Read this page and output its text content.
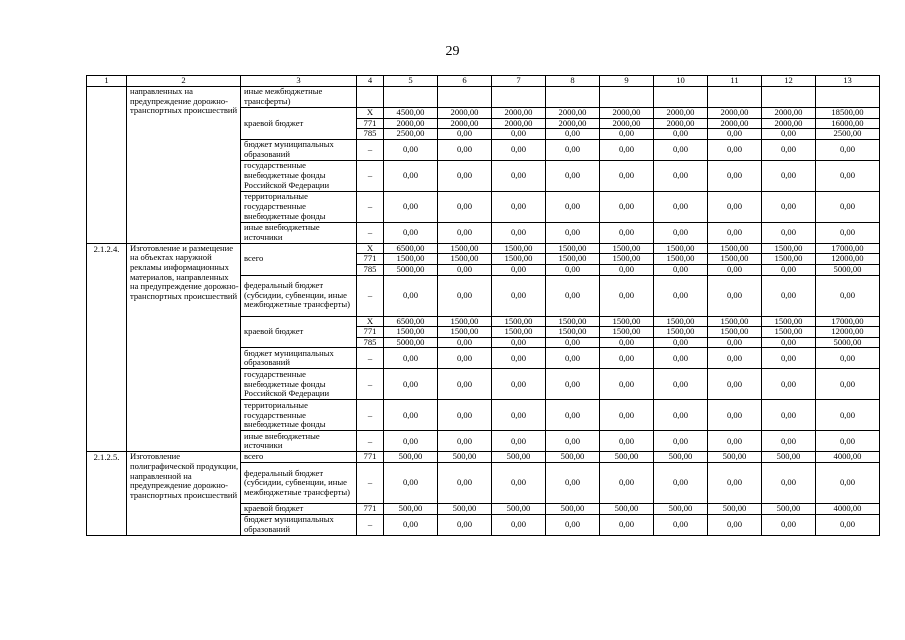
29
1	2	3	4	5	6	7	8	9	10	11	12	13
	направленных на предупреждение дорожно-транспортных происшествий	иные межбюджетные трансферты)										
		краевой бюджет	X	4500,00	2000,00	2000,00	2000,00	2000,00	2000,00	2000,00	2000,00	18500,00
			771	2000,00	2000,00	2000,00	2000,00	2000,00	2000,00	2000,00	2000,00	16000,00
			785	2500,00	0,00	0,00	0,00	0,00	0,00	0,00	0,00	2500,00
		бюджет муниципальных образований	–	0,00	0,00	0,00	0,00	0,00	0,00	0,00	0,00	0,00
		государственные внебюджетные фонды Российской Федерации	–	0,00	0,00	0,00	0,00	0,00	0,00	0,00	0,00	0,00
		территориальные государственные внебюджетные фонды	–	0,00	0,00	0,00	0,00	0,00	0,00	0,00	0,00	0,00
		иные внебюджетные источники	–	0,00	0,00	0,00	0,00	0,00	0,00	0,00	0,00	0,00
2.1.2.4.	Изготовление и размещение на объектах наружной рекламы информационных материалов, направленных на предупреждение дорожно-транспортных происшествий	всего	X	6500,00	1500,00	1500,00	1500,00	1500,00	1500,00	1500,00	1500,00	17000,00
			771	1500,00	1500,00	1500,00	1500,00	1500,00	1500,00	1500,00	1500,00	12000,00
			785	5000,00	0,00	0,00	0,00	0,00	0,00	0,00	0,00	5000,00
		федеральный бюджет (субсидии, субвенции, иные межбюджетные трансферты)	–	0,00	0,00	0,00	0,00	0,00	0,00	0,00	0,00	0,00
		краевой бюджет	X	6500,00	1500,00	1500,00	1500,00	1500,00	1500,00	1500,00	1500,00	17000,00
			771	1500,00	1500,00	1500,00	1500,00	1500,00	1500,00	1500,00	1500,00	12000,00
			785	5000,00	0,00	0,00	0,00	0,00	0,00	0,00	0,00	5000,00
		бюджет муниципальных образований	–	0,00	0,00	0,00	0,00	0,00	0,00	0,00	0,00	0,00
		государственные внебюджетные фонды Российской Федерации	–	0,00	0,00	0,00	0,00	0,00	0,00	0,00	0,00	0,00
		территориальные государственные внебюджетные фонды	–	0,00	0,00	0,00	0,00	0,00	0,00	0,00	0,00	0,00
		иные внебюджетные источники	–	0,00	0,00	0,00	0,00	0,00	0,00	0,00	0,00	0,00
2.1.2.5.	Изготовление полиграфической продукции, направленной на предупреждение дорожно-транспортных происшествий	всего	771	500,00	500,00	500,00	500,00	500,00	500,00	500,00	500,00	4000,00
		федеральный бюджет (субсидии, субвенции, иные межбюджетные трансферты)	–	0,00	0,00	0,00	0,00	0,00	0,00	0,00	0,00	0,00
		краевой бюджет	771	500,00	500,00	500,00	500,00	500,00	500,00	500,00	500,00	4000,00
		бюджет муниципальных образований	–	0,00	0,00	0,00	0,00	0,00	0,00	0,00	0,00	0,00
